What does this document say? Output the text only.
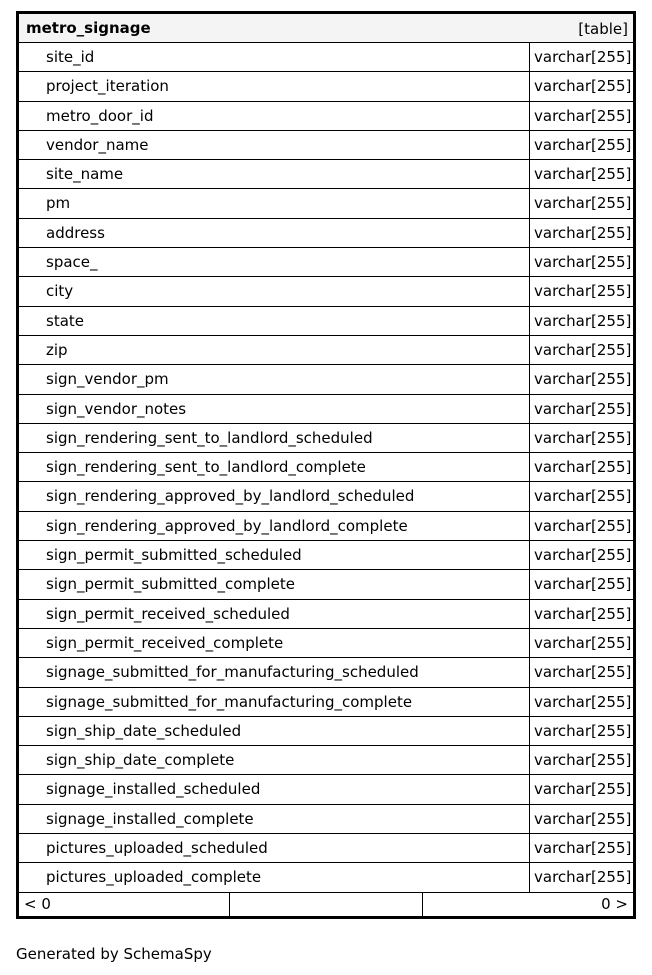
metro_signage	[table]
site_id	varchar[255]
project_iteration	varchar[255]
metro_door_id	varchar[255]
vendor_name	varchar[255]
site_name	varchar[255]
pm	varchar[255]
address	varchar[255]
space_	varchar[255]
city	varchar[255]
state	varchar[255]
zip	varchar[255]
sign_vendor_pm	varchar[255]
sign_vendor_notes	varchar[255]
sign_rendering_sent_to_landlord_scheduled	varchar[255]
sign_rendering_sent_to_landlord_complete	varchar[255]
sign_rendering_approved_by_landlord_scheduled	varchar[255]
sign_rendering_approved_by_landlord_complete	varchar[255]
sign_permit_submitted_scheduled	varchar[255]
sign_permit_submitted_complete	varchar[255]
sign_permit_received_scheduled	varchar[255]
sign_permit_received_complete	varchar[255]
signage_submitted_for_manufacturing_scheduled	varchar[255]
signage_submitted_for_manufacturing_complete	varchar[255]
sign_ship_date_scheduled	varchar[255]
sign_ship_date_complete	varchar[255]
signage_installed_scheduled	varchar[255]
signage_installed_complete	varchar[255]
pictures_uploaded_scheduled	varchar[255]
pictures_uploaded_complete	varchar[255]
< 0	0 >
Generated by SchemaSpy
